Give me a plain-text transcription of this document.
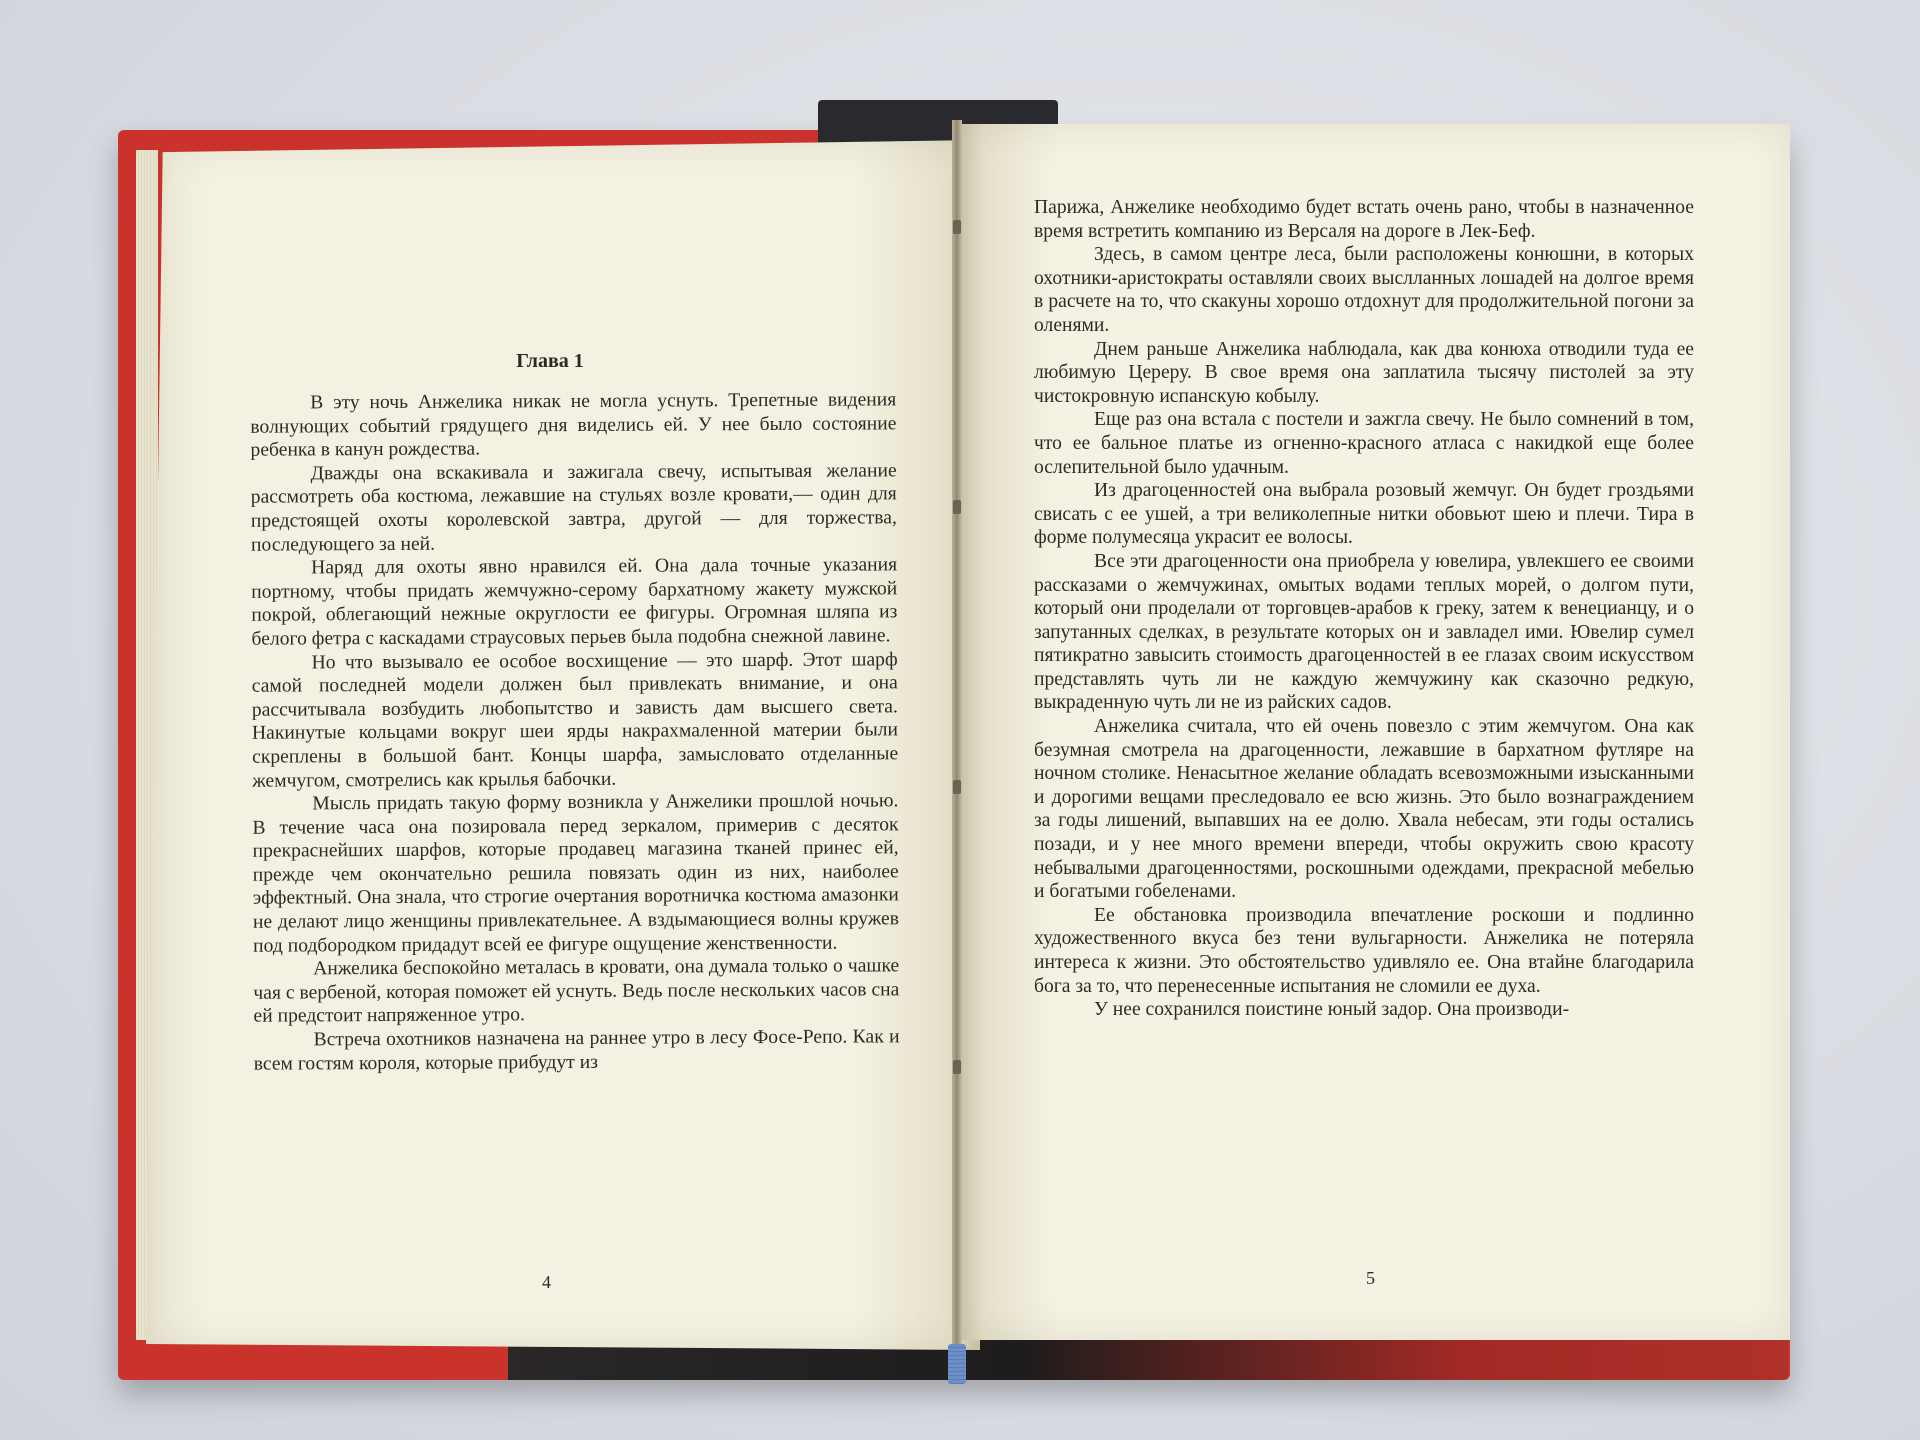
Глава 1

В эту ночь Анжелика никак не могла уснуть. Трепетные видения волнующих событий грядущего дня виделись ей. У нее было состояние ребенка в канун рождества.

Дважды она вскакивала и зажигала свечу, испытывая желание рассмотреть оба костюма, лежавшие на стульях возле кровати,— один для предстоящей охоты королевской завтра, другой — для торжества, последующего за ней.

Наряд для охоты явно нравился ей. Она дала точные указания портному, чтобы придать жемчужно-серому бархатному жакету мужской покрой, облегающий нежные округлости ее фигуры. Огромная шляпа из белого фетра с каскадами страусовых перьев была подобна снежной лавине.

Но что вызывало ее особое восхищение — это шарф. Этот шарф самой последней модели должен был привлекать внимание, и она рассчитывала возбудить любопытство и зависть дам высшего света. Накинутые кольцами вокруг шеи ярды накрахмаленной материи были скреплены в большой бант. Концы шарфа, замысловато отделанные жемчугом, смотрелись как крылья бабочки.

Мысль придать такую форму возникла у Анжелики прошлой ночью. В течение часа она позировала перед зеркалом, примерив с десяток прекраснейших шарфов, которые продавец магазина тканей принес ей, прежде чем окончательно решила повязать один из них, наиболее эффектный. Она знала, что строгие очертания воротничка костюма амазонки не делают лицо женщины привлекательнее. А вздымающиеся волны кружев под подбородком придадут всей ее фигуре ощущение женственности.

Анжелика беспокойно металась в кровати, она думала только о чашке чая с вербеной, которая поможет ей уснуть. Ведь после нескольких часов сна ей предстоит напряженное утро.

Встреча охотников назначена на раннее утро в лесу Фосе-Репо. Как и всем гостям короля, которые прибудут из

4

Парижа, Анжелике необходимо будет встать очень рано, чтобы в назначенное время встретить компанию из Версаля на дороге в Лек-Беф.

Здесь, в самом центре леса, были расположены конюшни, в которых охотники-аристократы оставляли своих выслланных лошадей на долгое время в расчете на то, что скакуны хорошо отдохнут для продолжительной погони за оленями.

Днем раньше Анжелика наблюдала, как два конюха отводили туда ее любимую Цереру. В свое время она заплатила тысячу пистолей за эту чистокровную испанскую кобылу.

Еще раз она встала с постели и зажгла свечу. Не было сомнений в том, что ее бальное платье из огненно-красного атласа с накидкой еще более ослепительной было удачным.

Из драгоценностей она выбрала розовый жемчуг. Он будет гроздьями свисать с ее ушей, а три великолепные нитки обовьют шею и плечи. Тира в форме полумесяца украсит ее волосы.

Все эти драгоценности она приобрела у ювелира, увлекшего ее своими рассказами о жемчужинах, омытых водами теплых морей, о долгом пути, который они проделали от торговцев-арабов к греку, затем к венецианцу, и о запутанных сделках, в результате которых он и завладел ими. Ювелир сумел пятикратно завысить стоимость драгоценностей в ее глазах своим искусством представлять чуть ли не каждую жемчужину как сказочно редкую, выкраденную чуть ли не из райских садов.

Анжелика считала, что ей очень повезло с этим жемчугом. Она как безумная смотрела на драгоценности, лежавшие в бархатном футляре на ночном столике. Ненасытное желание обладать всевозможными изысканными и дорогими вещами преследовало ее всю жизнь. Это было вознаграждением за годы лишений, выпавших на ее долю. Хвала небесам, эти годы остались позади, и у нее много времени впереди, чтобы окружить свою красоту небывалыми драгоценностями, роскошными одеждами, прекрасной мебелью и богатыми гобеленами.

Ее обстановка производила впечатление роскоши и подлинно художественного вкуса без тени вульгарности. Анжелика не потеряла интереса к жизни. Это обстоятельство удивляло ее. Она втайне благодарила бога за то, что перенесенные испытания не сломили ее духа.

У нее сохранился поистине юный задор. Она производи-

5
